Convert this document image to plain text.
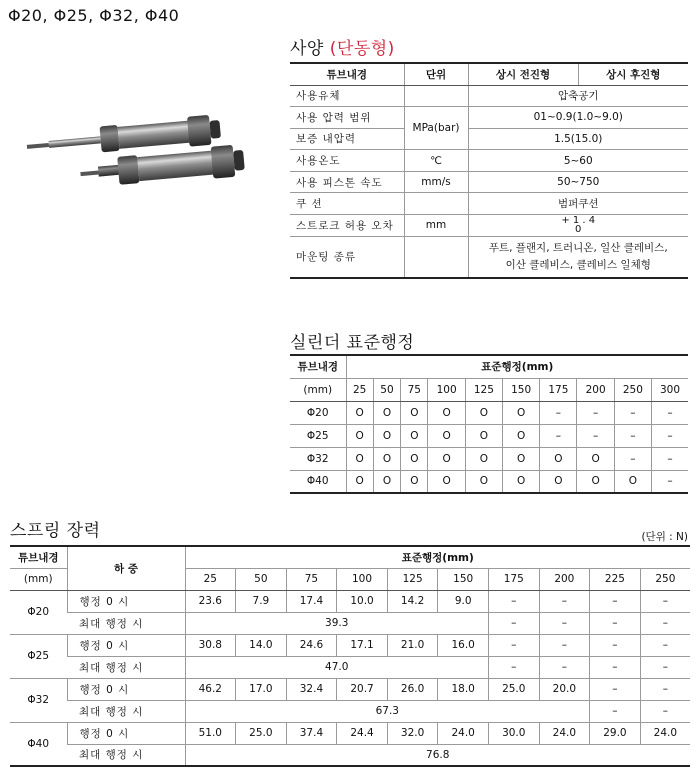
Φ20, Φ25, Φ32, Φ40
사양 (단동형)
튜브내경	단위	상시 전진형	상시 후진형
사용유체		압축공기	
사용 압력 범위	MPa(bar)	01~0.9(1.0~9.0)	
보증 내압력		1.5(15.0)	
사용온도	℃	5~60	
사용 피스톤 속도	mm/s	50~750	
쿠 션		범퍼쿠션	
스트로크 허용 오차	mm	+ 1 . 4
0	
마운팅 종류		푸트, 플랜지, 트러니온, 일산 클레비스,
이산 클레비스, 클레비스 일체형	
실린더 표준행정
튜브내경	표준행정(mm)									
(mm)	25	50	75	100	125	150	175	200	250	300
Φ20	O	O	O	O	O	O	–	–	–	–
Φ25	O	O	O	O	O	O	–	–	–	–
Φ32	O	O	O	O	O	O	O	O	–	–
Φ40	O	O	O	O	O	O	O	O	O	–
스프링 장력	(단위 : N)
튜브내경	하 중	표준행정(mm)									
(mm)		25	50	75	100	125	150	175	200	225	250
Φ20	행정 0 시	23.6	7.9	17.4	10.0	14.2	9.0	–	–	–	–
	최대 행정 시	39.3						–	–	–	–
Φ25	행정 0 시	30.8	14.0	24.6	17.1	21.0	16.0	–	–	–	–
	최대 행정 시	47.0						–	–	–	–
Φ32	행정 0 시	46.2	17.0	32.4	20.7	26.0	18.0	25.0	20.0	–	–
	최대 행정 시	67.3								–	–
Φ40	행정 0 시	51.0	25.0	37.4	24.4	32.0	24.0	30.0	24.0	29.0	24.0
	최대 행정 시	76.8									
